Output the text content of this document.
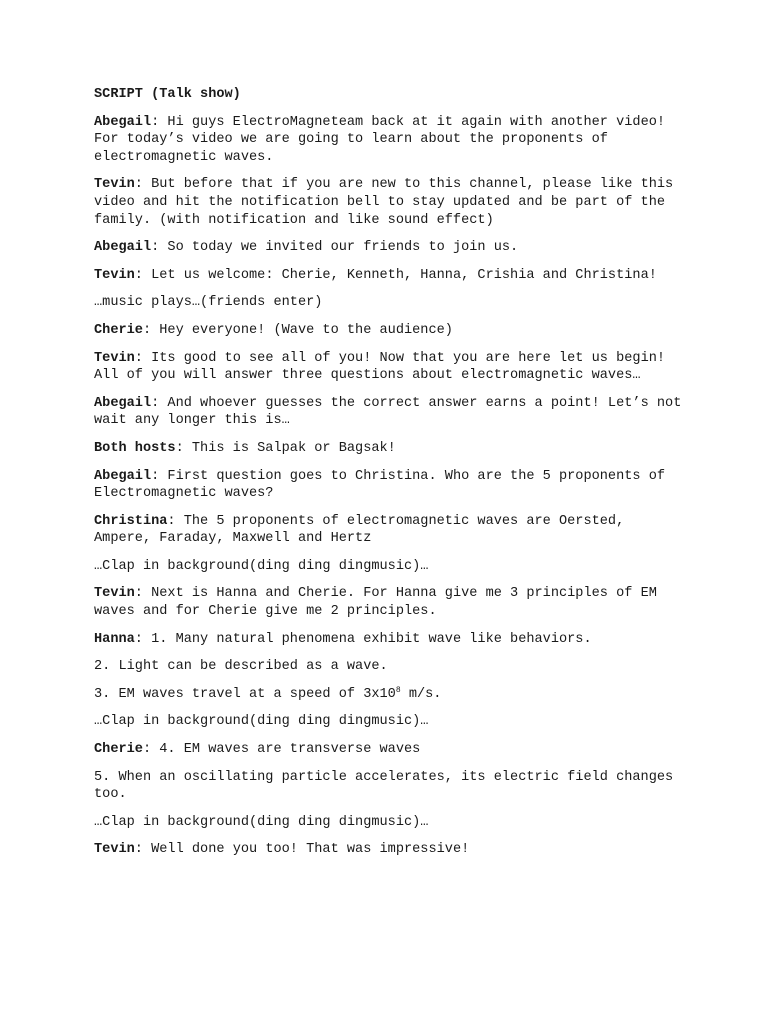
SCRIPT (Talk show)
Abegail: Hi guys ElectroMagneteam back at it again with another video! For today’s video we are going to learn about the proponents of electromagnetic waves.
Tevin: But before that if you are new to this channel, please like this video and hit the notification bell to stay updated and be part of the family. (with notification and like sound effect)
Abegail: So today we invited our friends to join us.
Tevin: Let us welcome: Cherie, Kenneth, Hanna, Crishia and Christina!
…music plays…(friends enter)
Cherie: Hey everyone! (Wave to the audience)
Tevin: Its good to see all of you! Now that you are here let us begin! All of you will answer three questions about electromagnetic waves…
Abegail: And whoever guesses the correct answer earns a point! Let’s not wait any longer this is…
Both hosts: This is Salpak or Bagsak!
Abegail: First question goes to Christina. Who are the 5 proponents of Electromagnetic waves?
Christina: The 5 proponents of electromagnetic waves are Oersted, Ampere, Faraday, Maxwell and Hertz
…Clap in background(ding ding dingmusic)…
Tevin: Next is Hanna and Cherie. For Hanna give me 3 principles of EM waves and for Cherie give me 2 principles.
Hanna: 1. Many natural phenomena exhibit wave like behaviors.
2. Light can be described as a wave.
3. EM waves travel at a speed of $3x10^8$ m/s.
…Clap in background(ding ding dingmusic)…
Cherie: 4. EM waves are transverse waves
5. When an oscillating particle accelerates, its electric field changes too.
…Clap in background(ding ding dingmusic)…
Tevin: Well done you too! That was impressive!
